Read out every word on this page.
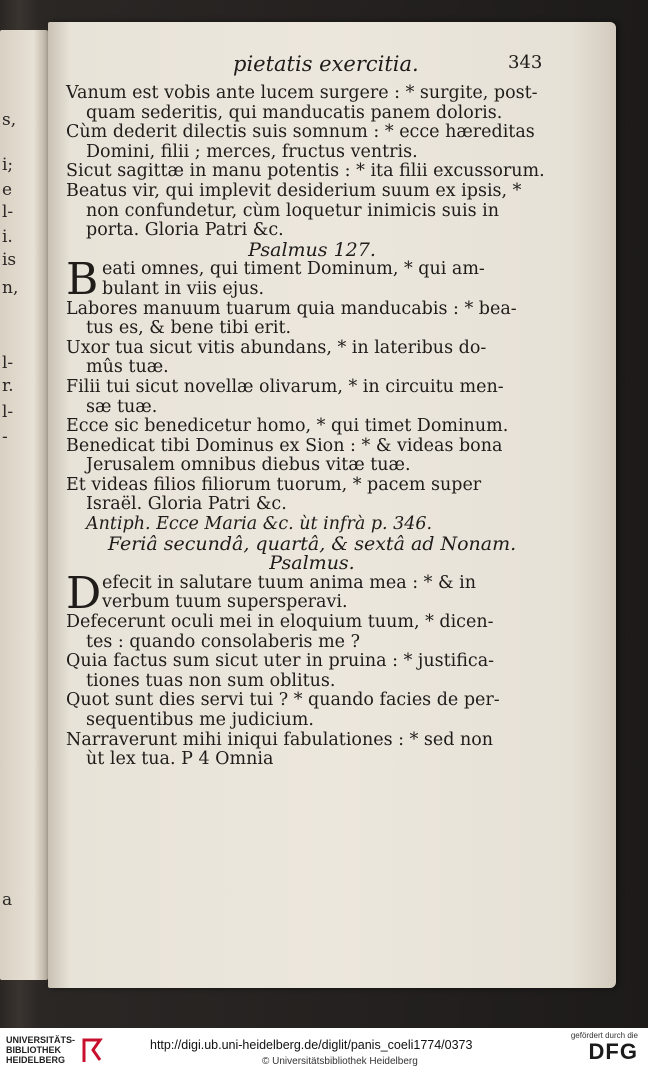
s,
i;
e
l-
i.
is
n,
l-
r.
l-
-
a
pietatis exercitia.	343
Vanum est vobis ante lucem surgere : * surgite, post-
quam sederitis, qui manducatis panem doloris.
Cùm dederit dilectis suis somnum : * ecce hæreditas
Domini, filii ; merces, fructus ventris.
Sicut sagittæ in manu potentis : * ita filii excussorum.
Beatus vir, qui implevit desiderium suum ex ipsis, *
non confundetur, cùm loquetur inimicis suis in
porta. Gloria Patri &c.
Psalmus 127.
B eati omnes, qui timent Dominum, * qui am-
bulant in viis ejus.
Labores manuum tuarum quia manducabis : * bea-
tus es, & bene tibi erit.
Uxor tua sicut vitis abundans, * in lateribus do-
mûs tuæ.
Filii tui sicut novellæ olivarum, * in circuitu men-
sæ tuæ.
Ecce sic benedicetur homo, * qui timet Dominum.
Benedicat tibi Dominus ex Sion : * & videas bona
Jerusalem omnibus diebus vitæ tuæ.
Et videas filios filiorum tuorum, * pacem super
Israël. Gloria Patri &c.
Antiph. Ecce Maria &c. ùt infrà p. 346.
Feriâ secundâ, quartâ, & sextâ ad Nonam.
Psalmus.
D efecit in salutare tuum anima mea : * & in
verbum tuum supersperavi.
Defecerunt oculi mei in eloquium tuum, * dicen-
tes : quando consolaberis me ?
Quia factus sum sicut uter in pruina : * justifica-
tiones tuas non sum oblitus.
Quot sunt dies servi tui ? * quando facies de per-
sequentibus me judicium.
Narraverunt mihi iniqui fabulationes : * sed non
ùt lex tua. P 4 Omnia
UNIVERSITÄTS-
BIBLIOTHEK
HEIDELBERG
http://digi.ub.uni-heidelberg.de/diglit/panis_coeli1774/0373
© Universitätsbibliothek Heidelberg
gefördert durch die
DFG
